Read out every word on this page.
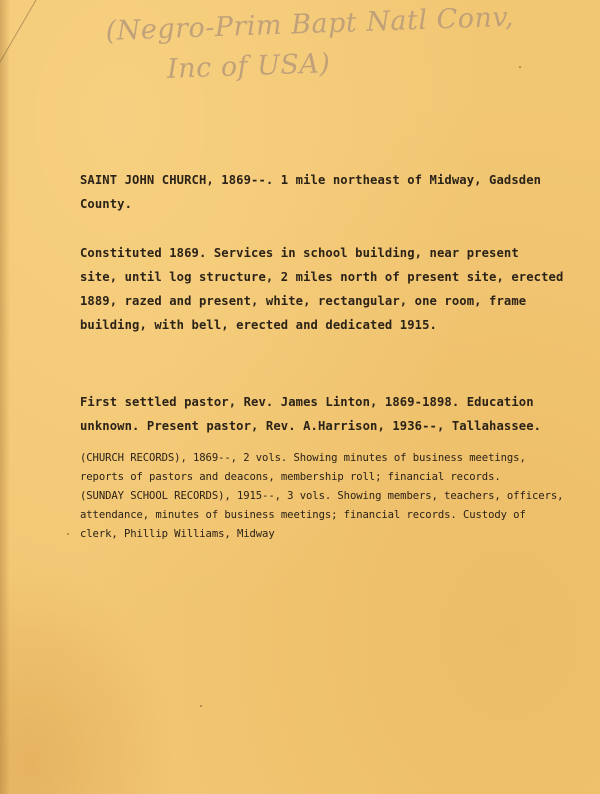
(Negro-Prim Bapt Natl Conv,
Inc of USA)
SAINT JOHN CHURCH, 1869--. 1 mile northeast of Midway, Gadsden
County.
Constituted 1869. Services in school building, near present
site, until log structure, 2 miles north of present site, erected
1889, razed and present, white, rectangular, one room, frame
building, with bell, erected and dedicated 1915.
First settled pastor, Rev. James Linton, 1869-1898. Education
unknown. Present pastor, Rev. A.Harrison, 1936--, Tallahassee.
(CHURCH RECORDS), 1869--, 2 vols. Showing minutes of business meetings,
reports of pastors and deacons, membership roll; financial records.
(SUNDAY SCHOOL RECORDS), 1915--, 3 vols. Showing members, teachers, officers,
attendance, minutes of business meetings; financial records. Custody of
clerk, Phillip Williams, Midway
